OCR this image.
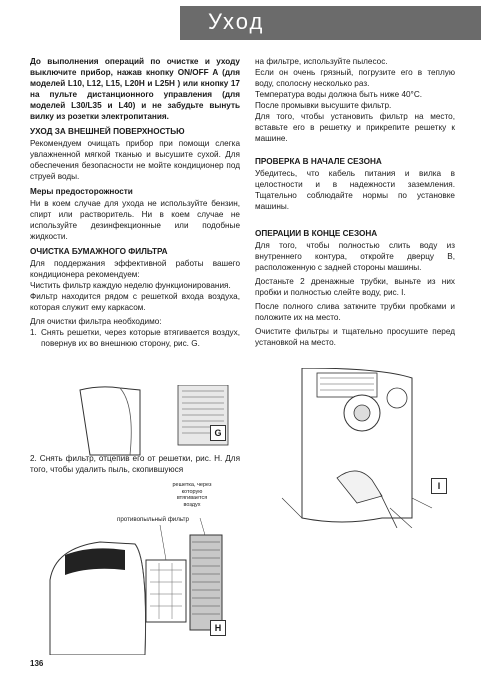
Уход

До выполнения операций по очистке и уходу выключите прибор, нажав кнопку ON/OFF A (для моделей L10, L12, L15, L20H и L25H ) или кнопку 17 на пульте дистанционного управления (для моделей L30/L35 и L40) и не забудьте вынуть вилку из розетки электропитания.

УХОД ЗА ВНЕШНЕЙ ПОВЕРХНОСТЬЮ

Рекомендуем очищать прибор при помощи слегка увлажненной мягкой тканью и высушите сухой. Для обеспечения безопасности не мойте кондиционер под струей воды.

Меры предосторожности

Ни в коем случае для ухода не используйте бензин, спирт или растворитель. Ни в коем случае не используйте дезинфекционные или подобные жидкости.

ОЧИСТКА БУМАЖНОГО ФИЛЬТРА

Для поддержания эффективной работы вашего кондиционера рекомендуем:

Чистить фильтр каждую неделю функционирования.

Фильтр находится рядом с решеткой входа воздуха, которая служит ему каркасом.

Для очистки фильтра необходимо:

1. Снять решетки, через которые втягивается воздух, повернув их во внешнюю сторону, рис. G.
G

2. Снять фильтр, отцепив его от решетки, рис. H. Для того, чтобы удалить пыль, скопившуюся

решетка, через которую втягивается воздух
противопыльный фильтр
H

на фильтре, используйте пылесос.

Если он очень грязный, погрузите его в теплую воду, сполосну несколько раз.

Температура воды должна быть ниже 40°C.

После промывки высушите фильтр.

Для того, чтобы установить фильтр на место, вставьте его в решетку и прикрепите решетку к машине.

ПРОВЕРКА В НАЧАЛЕ СЕЗОНА

Убедитесь, что кабель питания и вилка в целостности и в надежности заземления. Тщательно соблюдайте нормы по установке машины.

ОПЕРАЦИИ В КОНЦЕ СЕЗОНА

Для того, чтобы полностью слить воду из внутреннего контура, откройте дверцу B, расположенную с задней стороны машины.

Достаньте 2 дренажные трубки, выньте из них пробки и полностью слейте воду, рис. I.

После полного слива заткните трубки пробками и положите их на место.

Очистите фильтры и тщательно просушите перед установкой на место.

I
136
